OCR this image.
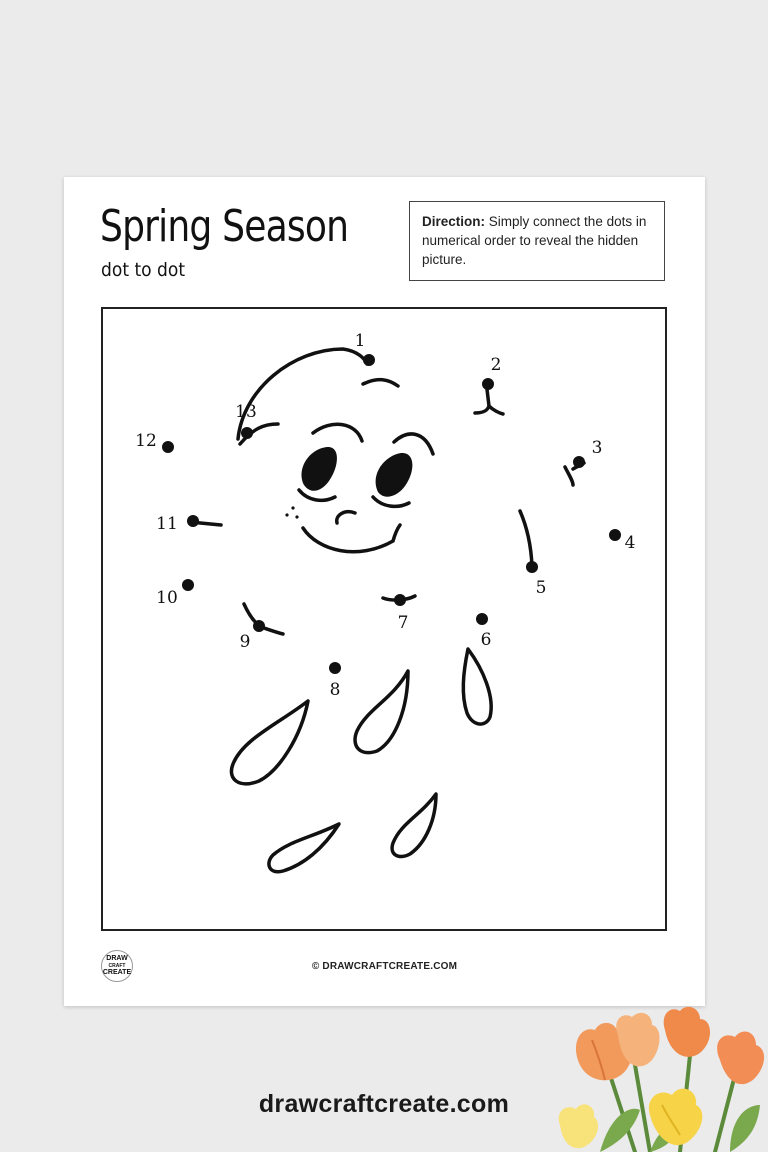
Spring Season
dot to dot
Direction: Simply connect the dots in numerical order to reveal the hidden picture.
1
2
3
4
5
6
7
8
9
10
11
12
13
DRAW
CRAFT
CREATE
© DRAWCRAFTCREATE.COM
drawcraftcreate.com
